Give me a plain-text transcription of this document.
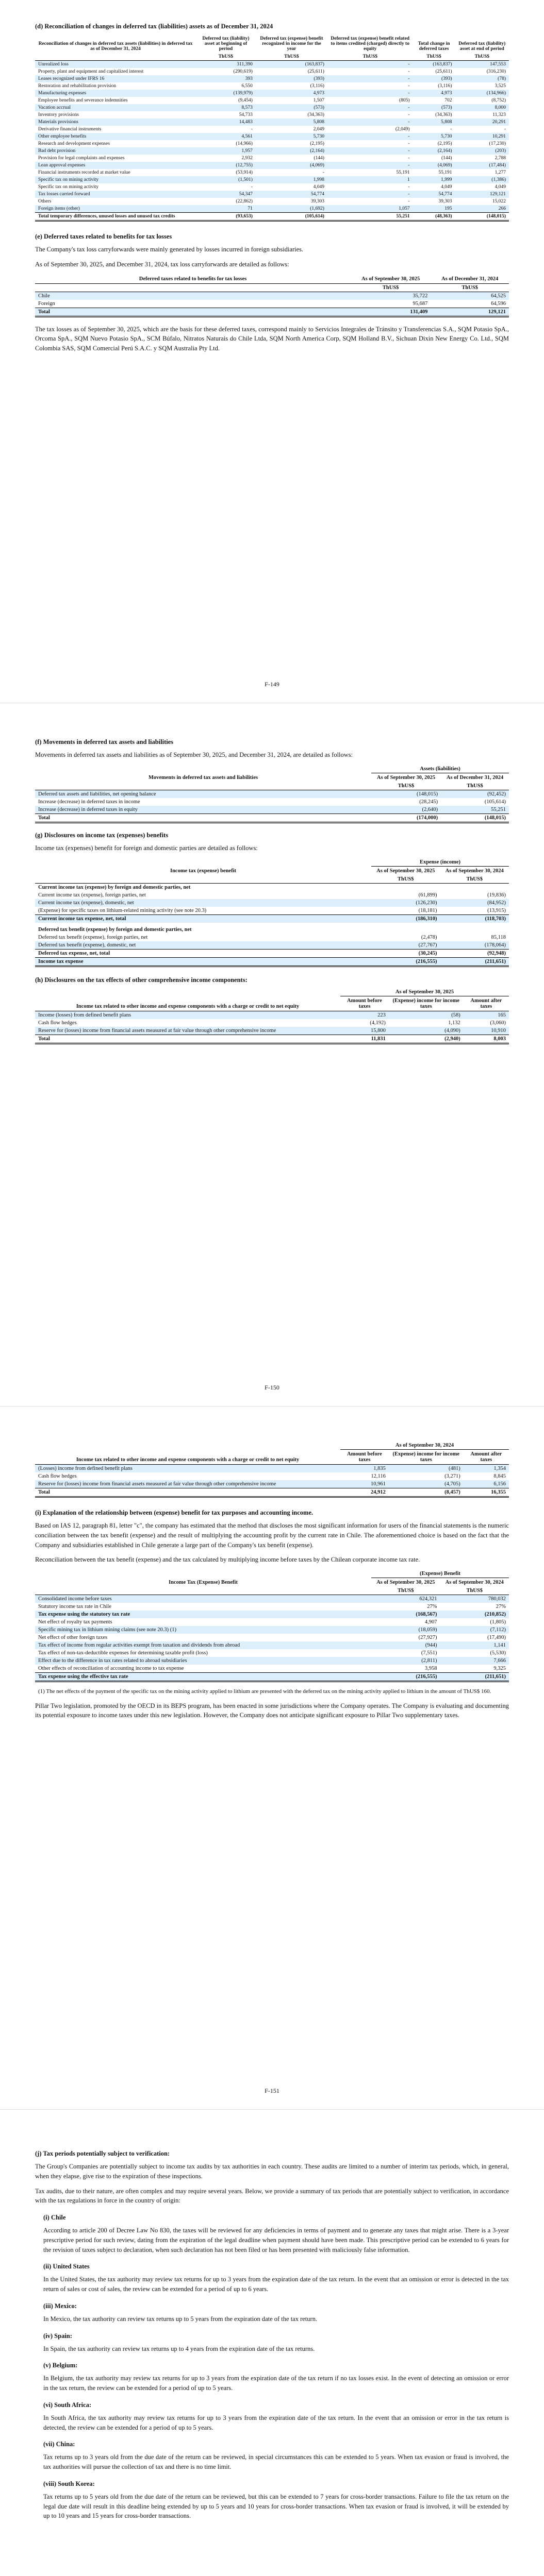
(d) Reconciliation of changes in deferred tax (liabilities) assets as of December 31, 2024
Reconciliation of changes in deferred tax assets (liabilities) in deferred tax as of December 31, 2024	Deferred tax (liability) asset at beginning of period	Deferred tax (expense) benefit recognized in income for the year	Deferred tax (expense) benefit related to items credited (charged) directly to equity	Total change in deferred taxes	Deferred tax (liability) asset at end of period
	ThUS$	ThUS$	ThUS$	ThUS$	ThUS$
Unrealized loss	311,390	(163,837)	-	(163,837)	147,553
Property, plant and equipment and capitalized interest	(290,619)	(25,611)	-	(25,611)	(316,230)
Leases recognized under IFRS 16	393	(393)	-	(393)	(78)
Restoration and rehabilitation provision	6,550	(3,116)	-	(3,116)	3,525
Manufacturing expenses	(139,979)	4,973	-	4,973	(134,966)
Employee benefits and severance indemnities	(9,454)	1,507	(805)	702	(8,752)
Vacation accrual	8,573	(573)	-	(573)	8,000
Inventory provisions	54,733	(34,363)	-	(34,363)	11,323
Materials provisions	14,483	5,808	-	5,808	20,291
Derivative financial instruments	-	2,049	(2,049)	-	-
Other employee benefits	4,561	5,730	-	5,730	10,291
Research and development expenses	(14,966)	(2,195)	-	(2,195)	(17,230)
Bad debt provision	1,957	(2,164)	-	(2,164)	(203)
Provision for legal complaints and expenses	2,932	(144)	-	(144)	2,788
Lean approval expenses	(12,755)	(4,069)	-	(4,069)	(17,484)
Financial instruments recorded at market value	(53,914)	-	55,191	55,191	1,277
Specific tax on mining activity	(1,501)	1,998	1	1,999	(1,386)
Specific tax on mining activity	-	4,049	-	4,049	4,049
Tax losses carried forward	54,347	54,774	-	54,774	129,121
Others	(22,862)	39,303	-	39,303	15,022
Foreign items (other)	71	(1,692)	1,057	195	266
Total temporary differences, unused losses and unused tax credits	(93,653)	(105,614)	55,251	(48,363)	(148,015)
(e) Deferred taxes related to benefits for tax losses

The Company's tax loss carryforwards were mainly generated by losses incurred in foreign subsidiaries.

As of September 30, 2025, and December 31, 2024, tax loss carryforwards are detailed as follows:

Deferred taxes related to benefits for tax losses	As of September 30, 2025	As of December 31, 2024
	ThUS$	ThUS$
Chile	35,722	64,525
Foreign	95,687	64,596
Total	131,409	129,121

The tax losses as of September 30, 2025, which are the basis for these deferred taxes, correspond mainly to Servicios Integrales de Tránsito y Transferencias S.A., SQM Potasio SpA., Orcoma SpA., SQM Nuevo Potasio SpA., SCM Búfalo, Nitratos Naturais do Chile Ltda, SQM North America Corp, SQM Holland B.V., Sichuan Dixin New Energy Co. Ltd., SQM Colombia SAS, SQM Comercial Perú S.A.C. y SQM Australia Pty Ltd.

F-149
(f) Movements in deferred tax assets and liabilities

Movements in deferred tax assets and liabilities as of September 30, 2025, and December 31, 2024, are detailed as follows:

	Assets (liabilities)	
Movements in deferred tax assets and liabilities	As of September 30, 2025	As of December 31, 2024
	ThUS$	ThUS$
Deferred tax assets and liabilities, net opening balance	(148,015)	(92,452)
Increase (decrease) in deferred taxes in income	(28,245)	(105,614)
Increase (decrease) in deferred taxes in equity	(2,640)	55,251
Total	(174,000)	(148,015)
(g) Disclosures on income tax (expenses) benefits

Income tax (expenses) benefit for foreign and domestic parties are detailed as follows:

	Expense (income)	
Income tax (expense) benefit	As of September 30, 2025	As of September 30, 2024
	ThUS$	ThUS$
Current income tax (expense) by foreign and domestic parties, net		
Current income tax (expense), foreign parties, net	(61,899)	(19,836)
Current income tax (expense), domestic, net	(126,230)	(84,952)
(Expense) for specific taxes on lithium-related mining activity (see note 20.3)	(18,181)	(13,915)
Current income tax expense, net, total	(186,310)	(118,703)
Deferred tax benefit (expense) by foreign and domestic parties, net		
Deferred tax benefit (expense), foreign parties, net	(2,478)	85,118
Deferred tax benefit (expense), domestic, net	(27,767)	(178,064)
Deferred tax expense, net, total	(30,245)	(92,948)
Income tax expense	(216,555)	(211,651)
(h) Disclosures on the tax effects of other comprehensive income components:
	As of September 30, 2025		
Income tax related to other income and expense components with a charge or credit to net equity	Amount before taxes	(Expense) income for income taxes	Amount after taxes
Income (losses) from defined benefit plans	223	(58)	165
Cash flow hedges	(4,192)	1,132	(3,060)
Reserve for (losses) income from financial assets measured at fair value through other comprehensive income	15,800	(4,090)	10,910
Total	11,831	(2,940)	8,003
F-150
	As of September 30, 2024		
Income tax related to other income and expense components with a charge or credit to net equity	Amount before taxes	(Expense) income for income taxes	Amount after taxes
(Losses) income from defined benefit plans	1,835	(481)	1,354
Cash flow hedges	12,116	(3,271)	8,845
Reserve for (losses) income from financial assets measured at fair value through other comprehensive income	10,961	(4,705)	6,156
Total	24,912	(8,457)	16,355
(i) Explanation of the relationship between (expense) benefit for tax purposes and accounting income.

Based on IAS 12, paragraph 81, letter "c", the company has estimated that the method that discloses the most significant information for users of the financial statements is the numeric conciliation between the tax benefit (expense) and the result of multiplying the accounting profit by the current rate in Chile. The aforementioned choice is based on the fact that the Company and subsidiaries established in Chile generate a large part of the Company's tax benefit (expense).

Reconciliation between the tax benefit (expense) and the tax calculated by multiplying income before taxes by the Chilean corporate income tax rate.

	(Expense) Benefit	
Income Tax (Expense) Benefit	As of September 30, 2025	As of September 30, 2024
	ThUS$	ThUS$
Consolidated income before taxes	624,321	780,032
Statutory income tax rate in Chile	27%	27%
Tax expense using the statutory tax rate	(168,567)	(210,852)
Net effect of royalty tax payments	4,907	(1,805)
Specific mining tax in lithium mining claims (see note 20.3) (1)	(18,059)	(7,112)
Net effect of other foreign taxes	(27,927)	(17,490)
Tax effect of income from regular activities exempt from taxation and dividends from abroad	(944)	1,141
Tax effect of non-tax-deductible expenses for determining taxable profit (loss)	(7,551)	(5,530)
Effect due to the difference in tax rates related to abroad subsidiaries	(2,811)	7,666
Other effects of reconciliation of accounting income to tax expense	3,958	9,325
Tax expense using the effective tax rate	(216,555)	(211,651)

(1) The net effects of the payment of the specific tax on the mining activity applied to lithium are presented with the deferred tax on the mining activity applied to lithium in the amount of ThUS$ 160.

Pillar Two legislation, promoted by the OECD in its BEPS program, has been enacted in some jurisdictions where the Company operates. The Company is evaluating and documenting its potential exposure to income taxes under this new legislation. However, the Company does not anticipate significant exposure to Pillar Two supplementary taxes.

F-151
(j) Tax periods potentially subject to verification:

The Group's Companies are potentially subject to income tax audits by tax authorities in each country. These audits are limited to a number of interim tax periods, which, in general, when they elapse, give rise to the expiration of these inspections.

Tax audits, due to their nature, are often complex and may require several years. Below, we provide a summary of tax periods that are potentially subject to verification, in accordance with the tax regulations in force in the country of origin:

(i) Chile

According to article 200 of Decree Law No 830, the taxes will be reviewed for any deficiencies in terms of payment and to generate any taxes that might arise. There is a 3-year prescriptive period for such review, dating from the expiration of the legal deadline when payment should have been made. This prescriptive period can be extended to 6 years for the revision of taxes subject to declaration, when such declaration has not been filed or has been presented with maliciously false information.

(ii) United States

In the United States, the tax authority may review tax returns for up to 3 years from the expiration date of the tax return. In the event that an omission or error is detected in the tax return of sales or cost of sales, the review can be extended for a period of up to 6 years.

(iii) Mexico:

In Mexico, the tax authority can review tax returns up to 5 years from the expiration date of the tax return.

(iv) Spain:

In Spain, the tax authority can review tax returns up to 4 years from the expiration date of the tax returns.

(v) Belgium:

In Belgium, the tax authority may review tax returns for up to 3 years from the expiration date of the tax return if no tax losses exist. In the event of detecting an omission or error in the tax return, the review can be extended for a period of up to 5 years.

(vi) South Africa:

In South Africa, the tax authority may review tax returns for up to 3 years from the expiration date of the tax return. In the event that an omission or error in the tax return is detected, the review can be extended for a period of up to 5 years.

(vii) China:

Tax returns up to 3 years old from the due date of the return can be reviewed, in special circumstances this can be extended to 5 years. When tax evasion or fraud is involved, the tax authorities will pursue the collection of tax and there is no time limit.

(viii) South Korea:

Tax returns up to 5 years old from the due date of the return can be reviewed, but this can be extended to 7 years for cross-border transactions. Failure to file the tax return on the legal due date will result in this deadline being extended by up to 5 years and 10 years for cross-border transactions. When tax evasion or fraud is involved, it will be extended by up to 10 years and 15 years for cross-border transactions.
